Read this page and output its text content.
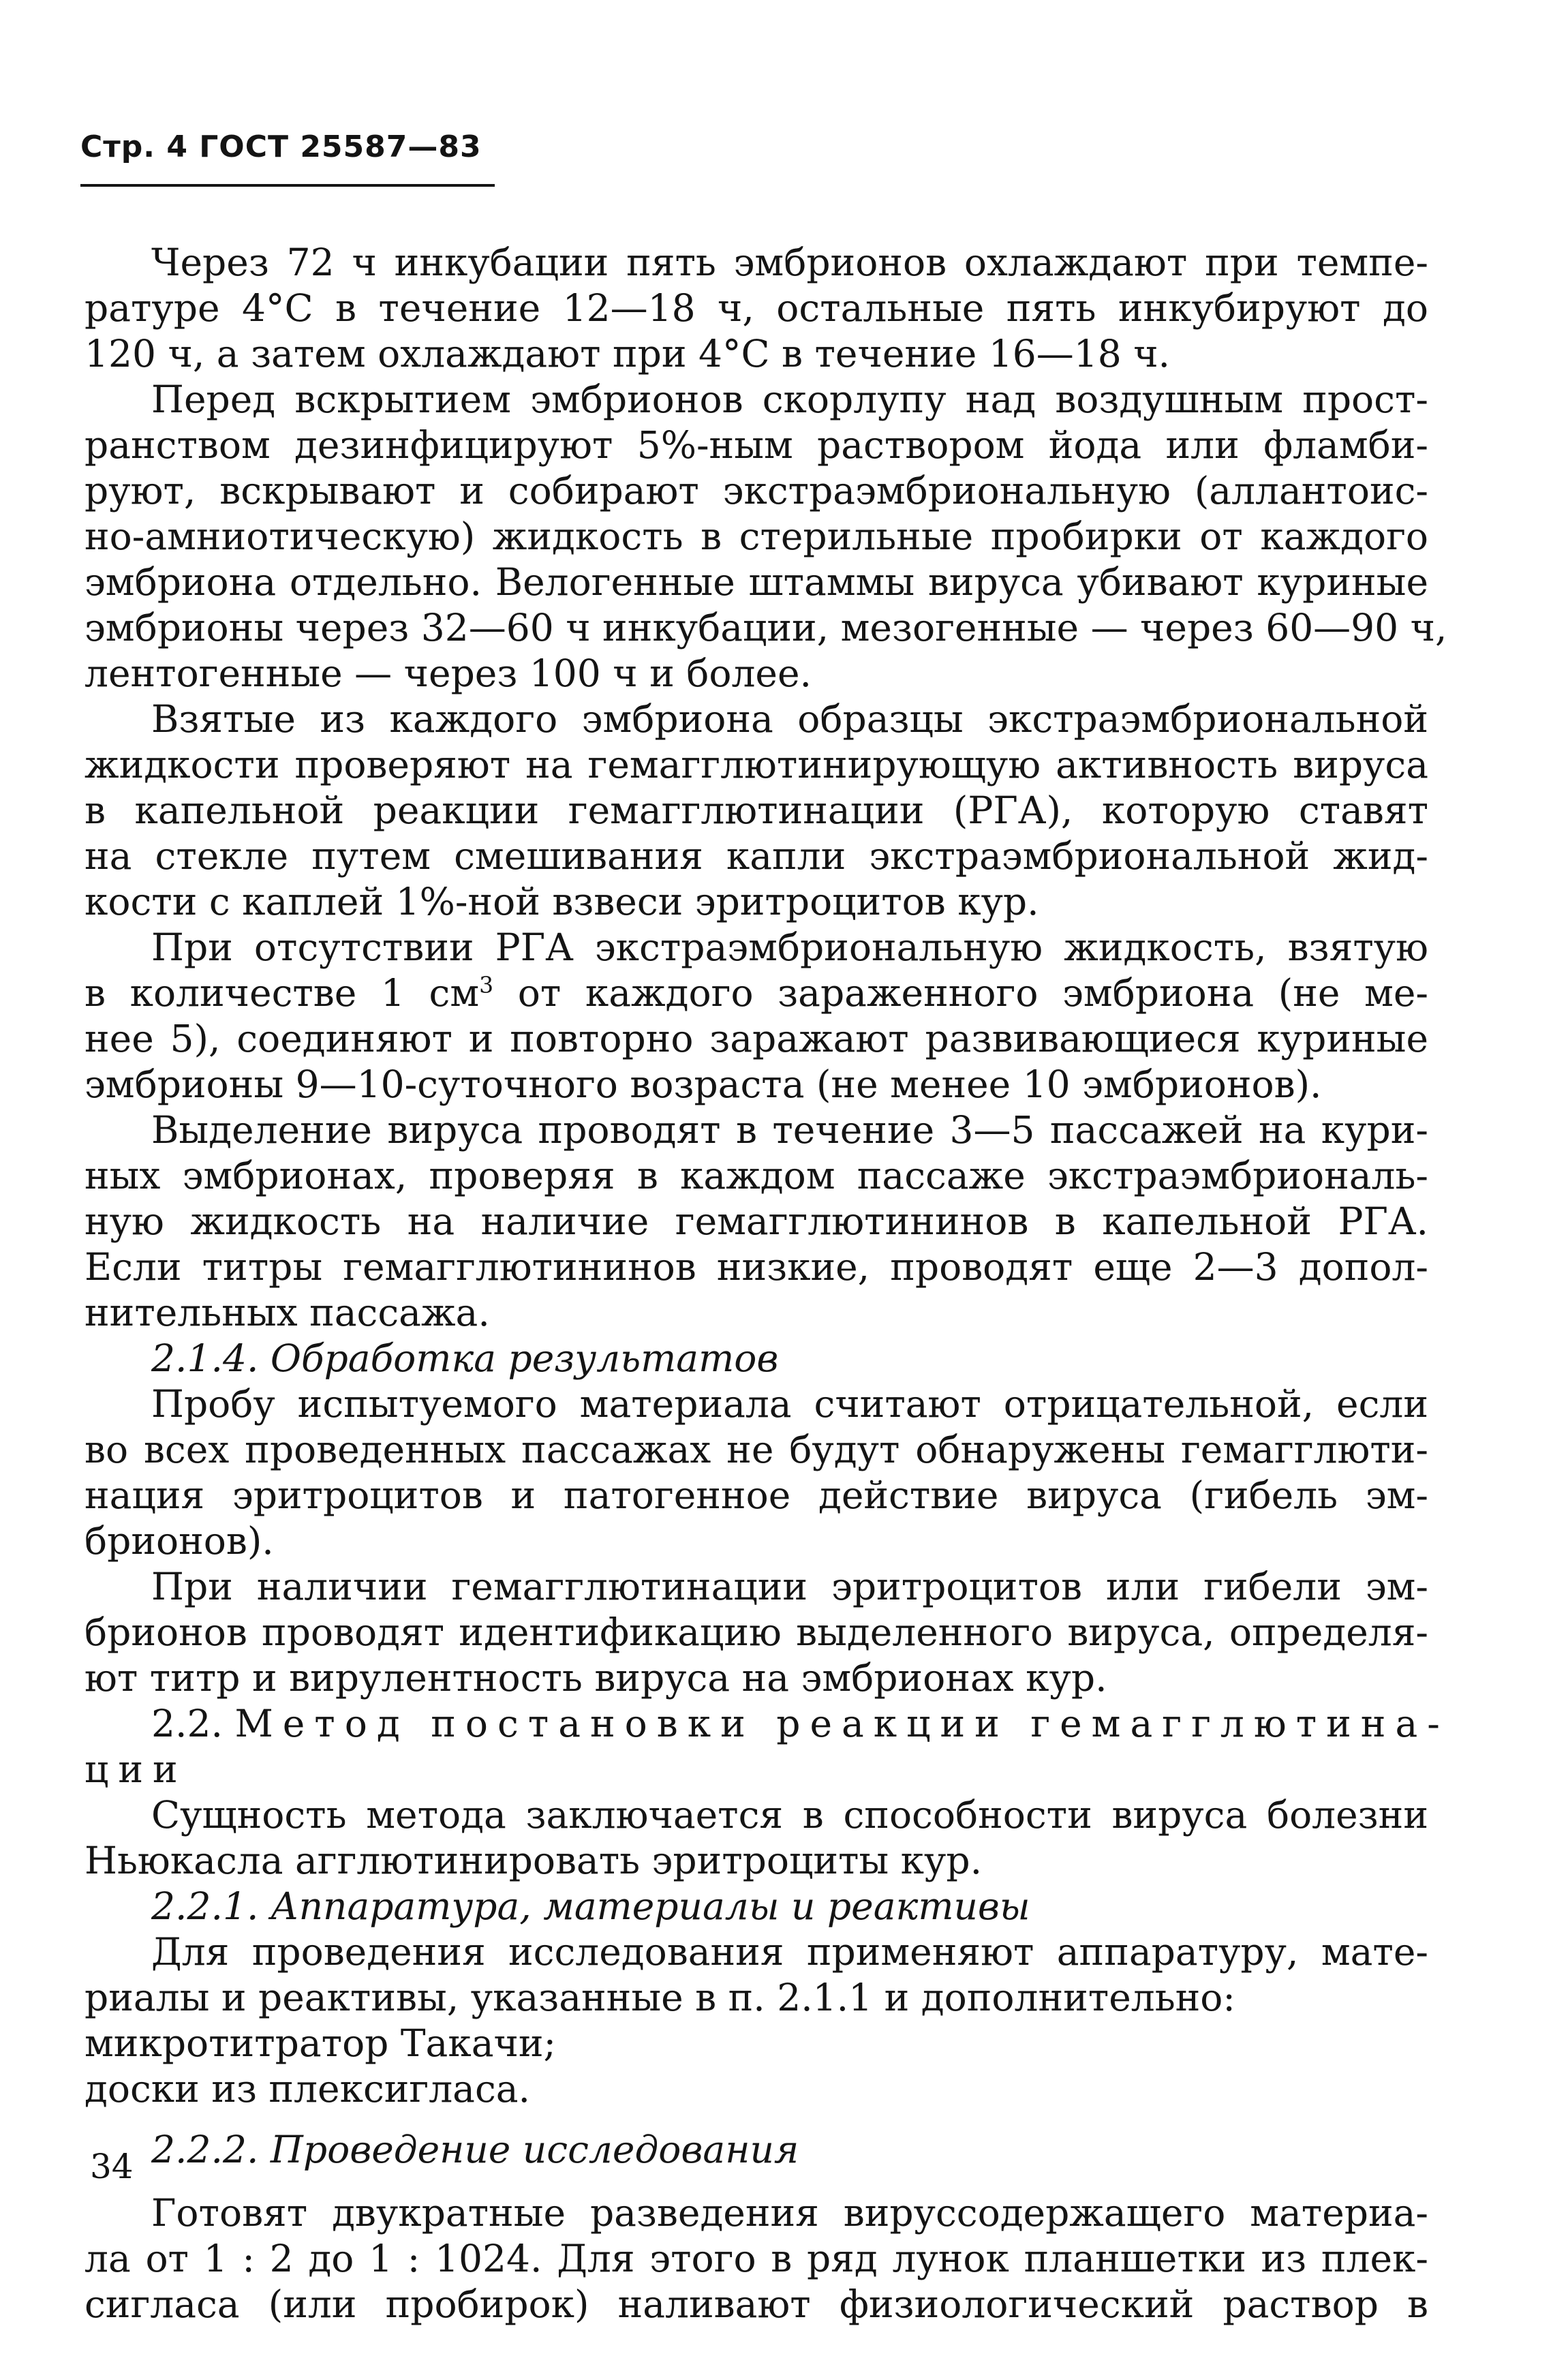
Стр. 4 ГОСТ 25587—83
Через 72 ч инкубации пять эмбрионов охлаждают при темпе-
ратуре 4°С в течение 12—18 ч, остальные пять инкубируют до
120 ч, а затем охлаждают при 4°С в течение 16—18 ч.
Перед вскрытием эмбрионов скорлупу над воздушным прост-
ранством дезинфицируют 5%-ным раствором йода или фламби-
руют, вскрывают и собирают экстраэмбриональную (аллантоис-
но-амниотическую) жидкость в стерильные пробирки от каждого
эмбриона отдельно. Велогенные штаммы вируса убивают куриные
эмбрионы через 32—60 ч инкубации, мезогенные — через 60—90 ч,
лентогенные — через 100 ч и более.
Взятые из каждого эмбриона образцы экстраэмбриональной
жидкости проверяют на гемагглютинирующую активность вируса
в капельной реакции гемагглютинации (РГА), которую ставят
на стекле путем смешивания капли экстраэмбриональной жид-
кости с каплей 1%-ной взвеси эритроцитов кур.
При отсутствии РГА экстраэмбриональную жидкость, взятую
в количестве 1 $см^3$ от каждого зараженного эмбриона (не ме-
нее 5), соединяют и повторно заражают развивающиеся куриные
эмбрионы 9—10-суточного возраста (не менее 10 эмбрионов).
Выделение вируса проводят в течение 3—5 пассажей на кури-
ных эмбрионах, проверяя в каждом пассаже экстраэмбриональ-
ную жидкость на наличие гемагглютининов в капельной РГА.
Если титры гемагглютининов низкие, проводят еще 2—3 допол-
нительных пассажа.
2.1.4. Обработка результатов
Пробу испытуемого материала считают отрицательной, если
во всех проведенных пассажах не будут обнаружены гемагглюти-
нация эритроцитов и патогенное действие вируса (гибель эм-
брионов).
При наличии гемагглютинации эритроцитов или гибели эм-
брионов проводят идентификацию выделенного вируса, определя-
ют титр и вирулентность вируса на эмбрионах кур.
2.2. Метод постановки реакции гемагглютина-
ции
Сущность метода заключается в способности вируса болезни
Ньюкасла агглютинировать эритроциты кур.
2.2.1. Аппаратура, материалы и реактивы
Для проведения исследования применяют аппаратуру, мате-
риалы и реактивы, указанные в п. 2.1.1 и дополнительно:
микротитратор Такачи;
доски из плексигласа.
2.2.2. Проведение исследования
Готовят двукратные разведения вируссодержащего материа-
ла от 1 : 2 до 1 : 1024. Для этого в ряд лунок планшетки из плек-
сигласа (или пробирок) наливают физиологический раствор в
34
